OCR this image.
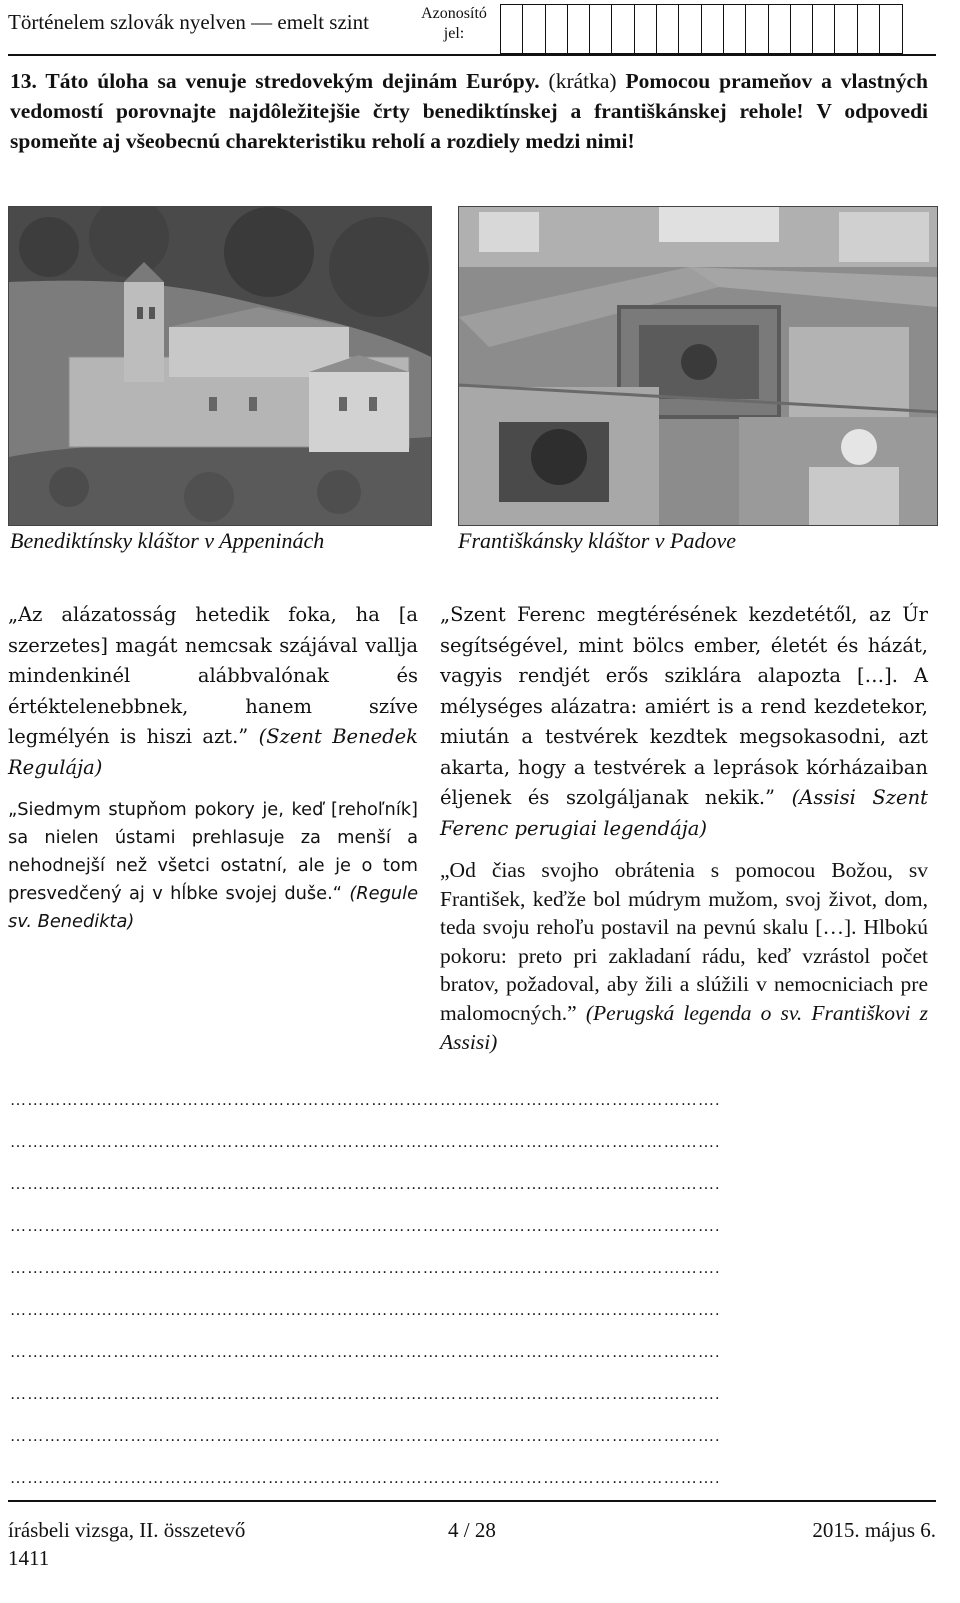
Történelem szlovák nyelven — emelt szint	Azonosító
jel:
13. Táto úloha sa venuje stredovekým dejinám Európy. (krátka) Pomocou prameňov a vlastných vedomostí porovnajte najdôležitejšie črty benediktínskej a františkánskej rehole! V odpovedi spomeňte aj všeobecnú charekteristiku reholí a rozdiely medzi nimi!
Benediktínsky kláštor v Appeninách	Františkánsky kláštor v Padove
„Az alázatosság hetedik foka, ha [a szerzetes] magát nemcsak szájával vallja mindenkinél alábbvalónak és értéktelenebbnek, hanem szíve legmélyén is hiszi azt.” (Szent Benedek Regulája)
„Siedmym stupňom pokory je, keď [rehoľník] sa nielen ústami prehlasuje za menší a nehodnejší než všetci ostatní, ale je o tom presvedčený aj v hĺbke svojej duše.“ (Regule sv. Benedikta)
„Szent Ferenc megtérésének kezdetétől, az Úr segítségével, mint bölcs ember, életét és házát, vagyis rendjét erős sziklára alapozta […]. A mélységes alázatra: amiért is a rend kezdetekor, miután a testvérek kezdtek megsokasodni, azt akarta, hogy a testvérek a leprások kórházaiban éljenek és szolgáljanak nekik.” (Assisi Szent Ferenc perugiai legendája)
„Od čias svojho obrátenia s pomocou Božou, sv František, keďže bol múdrym mužom, svoj život, dom, teda svoju rehoľu postavil na pevnú skalu […]. Hlbokú pokoru: preto pri zakladaní rádu, keď vzrástol počet bratov, požadoval, aby žili a slúžili v nemocniciach pre malomocných.” (Perugská legenda o sv. Františkovi z Assisi)
…………………………………………………………………………………………………………….
…………………………………………………………………………………………………………….
…………………………………………………………………………………………………………….
…………………………………………………………………………………………………………….
…………………………………………………………………………………………………………….
…………………………………………………………………………………………………………….
…………………………………………………………………………………………………………….
…………………………………………………………………………………………………………….
…………………………………………………………………………………………………………….
…………………………………………………………………………………………………………….
írásbeli vizsga, II. összetevő
1411
4 / 28	2015. május 6.
